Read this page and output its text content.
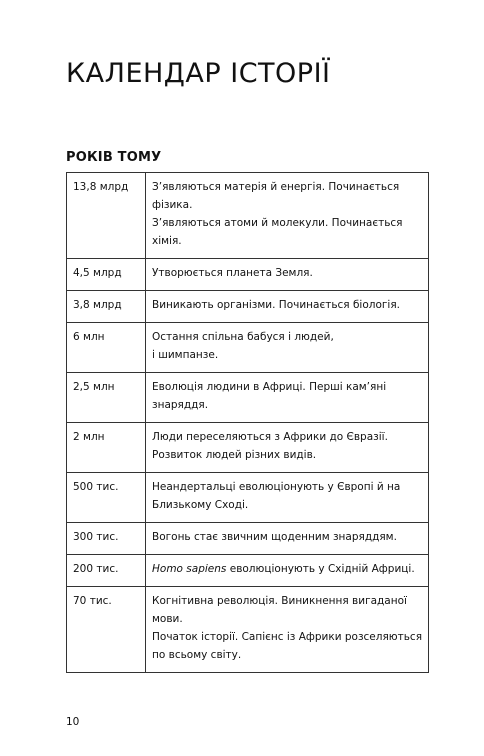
КАЛЕНДАР ІСТОРІЇ
РОКІВ ТОМУ
13,8 млрд	З’являються матерія й енергія. Починається фізика.
З’являються атоми й молекули. Починається хімія.

4,5 млрд	Утворюється планета Земля.

3,8 млрд	Виникають організми. Починається біологія.

6 млн	Остання спільна бабуся і людей,
і шимпанзе.

2,5 млн	Еволюція людини в Африці. Перші кам’яні знаряддя.

2 млн	Люди переселяються з Африки до Євразії.
Розвиток людей різних видів.

500 тис.	Неандертальці еволюціонують у Європі й на Близькому Сході.

300 тис.	Вогонь стає звичним щоденним знаряддям.

200 тис.	Homo sapiens еволюціонують у Східній Африці.

70 тис.	Когнітивна революція. Виникнення вигаданої мови.
Початок історії. Сапієнс із Африки розселяються по всьому світу.
10
